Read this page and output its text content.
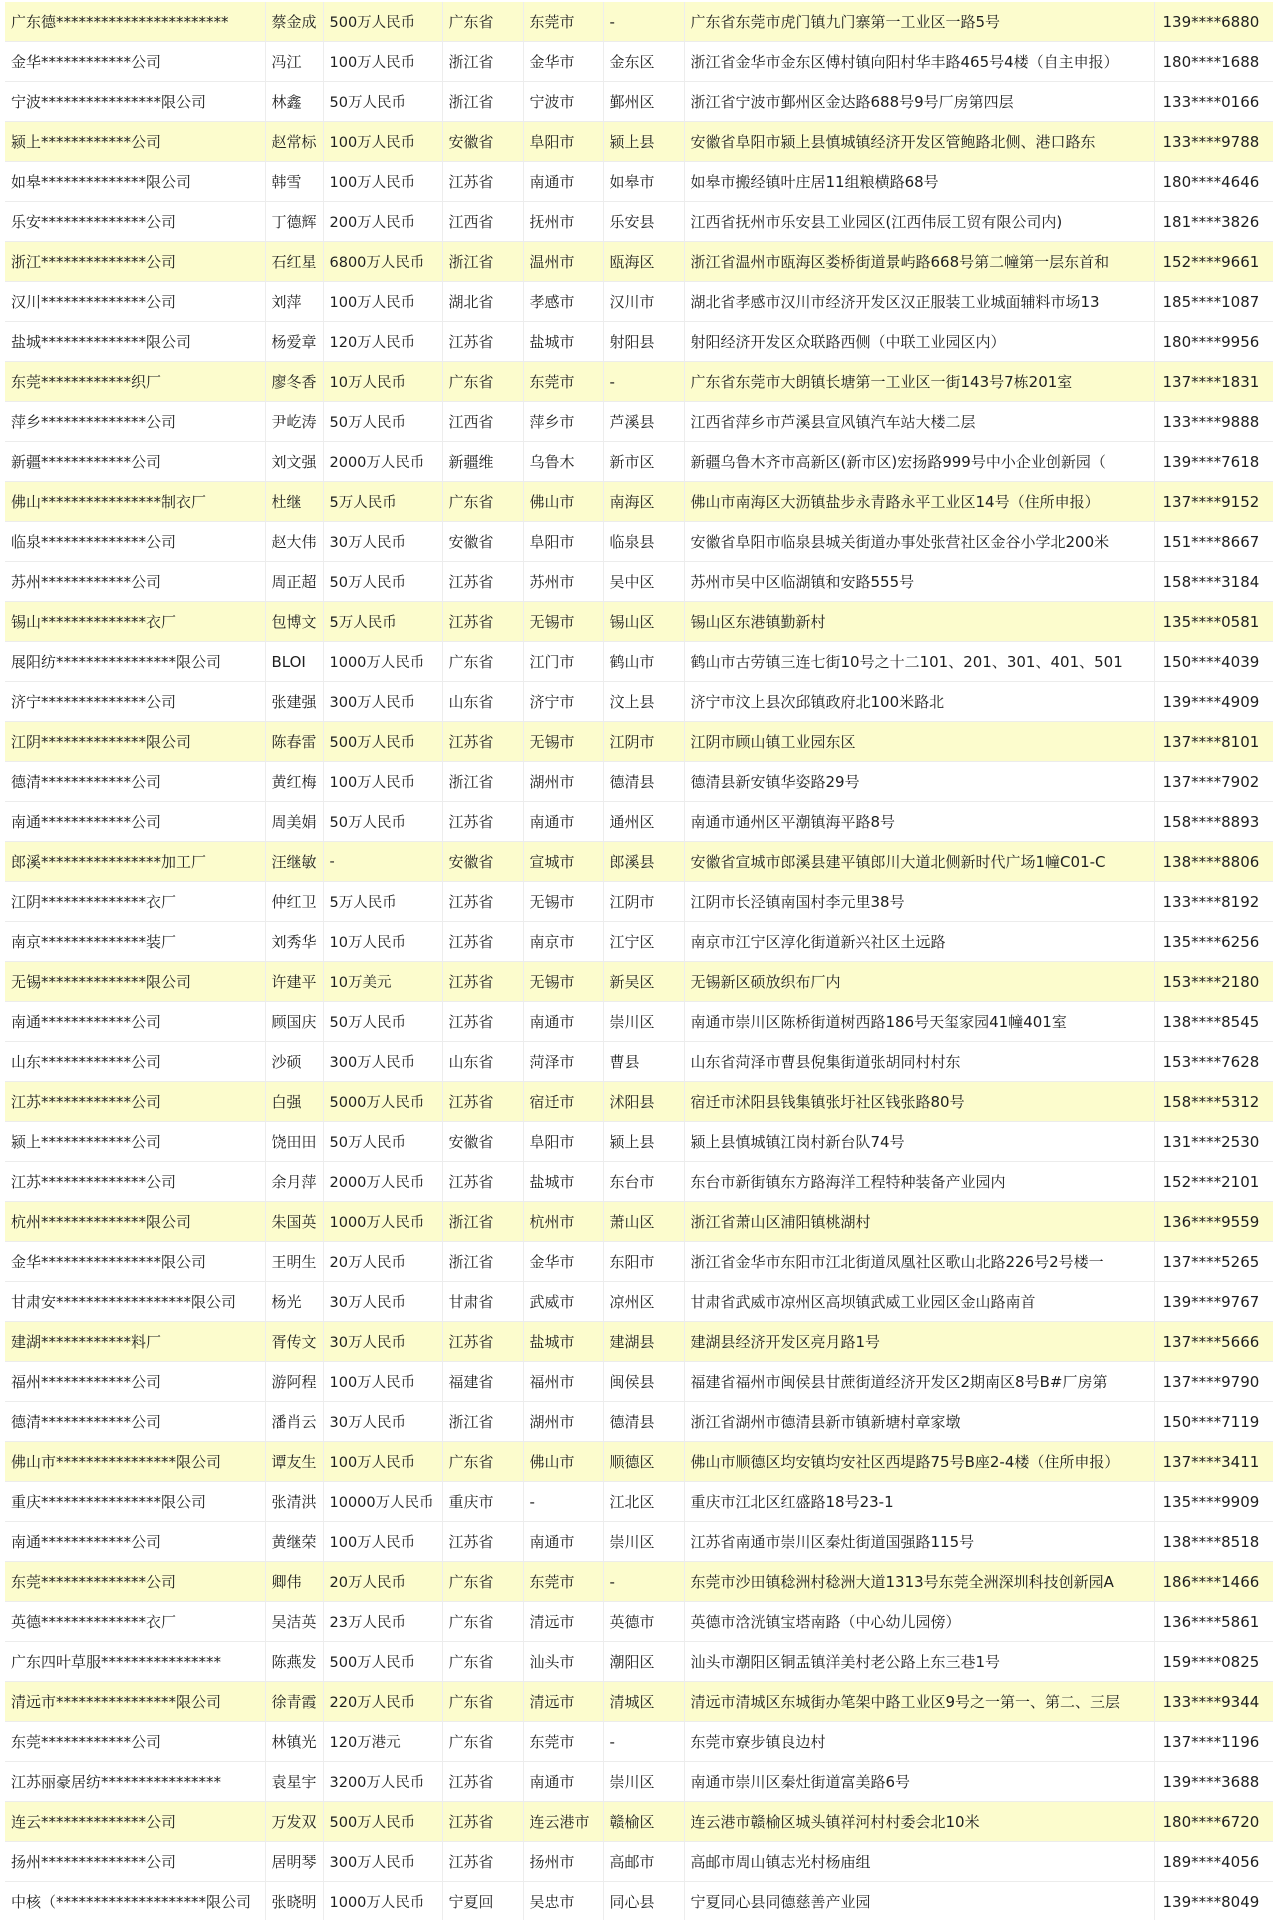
广东德***********************	蔡金成	500万人民币	广东省	东莞市	-	广东省东莞市虎门镇九门寨第一工业区一路5号	139****6880
金华************公司	冯江	100万人民币	浙江省	金华市	金东区	浙江省金华市金东区傅村镇向阳村华丰路465号4楼（自主申报）	180****1688
宁波****************限公司	林鑫	50万人民币	浙江省	宁波市	鄞州区	浙江省宁波市鄞州区金达路688号9号厂房第四层	133****0166
颍上************公司	赵常标	100万人民币	安徽省	阜阳市	颍上县	安徽省阜阳市颍上县慎城镇经济开发区管鲍路北侧、港口路东	133****9788
如皋**************限公司	韩雪	100万人民币	江苏省	南通市	如皋市	如皋市搬经镇叶庄居11组粮横路68号	180****4646
乐安**************公司	丁德辉	200万人民币	江西省	抚州市	乐安县	江西省抚州市乐安县工业园区(江西伟辰工贸有限公司内)	181****3826
浙江**************公司	石红星	6800万人民币	浙江省	温州市	瓯海区	浙江省温州市瓯海区娄桥街道景屿路668号第二幢第一层东首和	152****9661
汉川**************公司	刘萍	100万人民币	湖北省	孝感市	汉川市	湖北省孝感市汉川市经济开发区汉正服装工业城面辅料市场13	185****1087
盐城**************限公司	杨爱章	120万人民币	江苏省	盐城市	射阳县	射阳经济开发区众联路西侧（中联工业园区内）	180****9956
东莞************织厂	廖冬香	10万人民币	广东省	东莞市	-	广东省东莞市大朗镇长塘第一工业区一街143号7栋201室	137****1831
萍乡**************公司	尹屹涛	50万人民币	江西省	萍乡市	芦溪县	江西省萍乡市芦溪县宣风镇汽车站大楼二层	133****9888
新疆************公司	刘文强	2000万人民币	新疆维	乌鲁木	新市区	新疆乌鲁木齐市高新区(新市区)宏扬路999号中小企业创新园（	139****7618
佛山****************制衣厂	杜继	5万人民币	广东省	佛山市	南海区	佛山市南海区大沥镇盐步永青路永平工业区14号（住所申报）	137****9152
临泉**************公司	赵大伟	30万人民币	安徽省	阜阳市	临泉县	安徽省阜阳市临泉县城关街道办事处张营社区金谷小学北200米	151****8667
苏州************公司	周正超	50万人民币	江苏省	苏州市	吴中区	苏州市吴中区临湖镇和安路555号	158****3184
锡山**************衣厂	包博文	5万人民币	江苏省	无锡市	锡山区	锡山区东港镇勤新村	135****0581
展阳纺****************限公司	BLOI	1000万人民币	广东省	江门市	鹤山市	鹤山市古劳镇三连七街10号之十二101、201、301、401、501	150****4039
济宁**************公司	张建强	300万人民币	山东省	济宁市	汶上县	济宁市汶上县次邱镇政府北100米路北	139****4909
江阴**************限公司	陈春雷	500万人民币	江苏省	无锡市	江阴市	江阴市顾山镇工业园东区	137****8101
德清************公司	黄红梅	100万人民币	浙江省	湖州市	德清县	德清县新安镇华姿路29号	137****7902
南通************公司	周美娟	50万人民币	江苏省	南通市	通州区	南通市通州区平潮镇海平路8号	158****8893
郎溪****************加工厂	汪继敏	-	安徽省	宣城市	郎溪县	安徽省宣城市郎溪县建平镇郎川大道北侧新时代广场1幢C01-C	138****8806
江阴**************衣厂	仲红卫	5万人民币	江苏省	无锡市	江阴市	江阴市长泾镇南国村李元里38号	133****8192
南京**************装厂	刘秀华	10万人民币	江苏省	南京市	江宁区	南京市江宁区淳化街道新兴社区土远路	135****6256
无锡**************限公司	许建平	10万美元	江苏省	无锡市	新吴区	无锡新区硕放织布厂内	153****2180
南通************公司	顾国庆	50万人民币	江苏省	南通市	崇川区	南通市崇川区陈桥街道树西路186号天玺家园41幢401室	138****8545
山东************公司	沙硕	300万人民币	山东省	菏泽市	曹县	山东省菏泽市曹县倪集街道张胡同村村东	153****7628
江苏************公司	白强	5000万人民币	江苏省	宿迁市	沭阳县	宿迁市沭阳县钱集镇张圩社区钱张路80号	158****5312
颍上************公司	饶田田	50万人民币	安徽省	阜阳市	颍上县	颍上县慎城镇江岗村新台队74号	131****2530
江苏**************公司	余月萍	2000万人民币	江苏省	盐城市	东台市	东台市新街镇东方路海洋工程特种装备产业园内	152****2101
杭州**************限公司	朱国英	1000万人民币	浙江省	杭州市	萧山区	浙江省萧山区浦阳镇桃湖村	136****9559
金华****************限公司	王明生	20万人民币	浙江省	金华市	东阳市	浙江省金华市东阳市江北街道凤凰社区歌山北路226号2号楼一	137****5265
甘肃安******************限公司	杨光	30万人民币	甘肃省	武威市	凉州区	甘肃省武威市凉州区高坝镇武威工业园区金山路南首	139****9767
建湖************料厂	胥传文	30万人民币	江苏省	盐城市	建湖县	建湖县经济开发区亮月路1号	137****5666
福州************公司	游阿程	100万人民币	福建省	福州市	闽侯县	福建省福州市闽侯县甘蔗街道经济开发区2期南区8号B#厂房第	137****9790
德清************公司	潘肖云	30万人民币	浙江省	湖州市	德清县	浙江省湖州市德清县新市镇新塘村章家墩	150****7119
佛山市****************限公司	谭友生	100万人民币	广东省	佛山市	顺德区	佛山市顺德区均安镇均安社区西堤路75号B座2-4楼（住所申报）	137****3411
重庆****************限公司	张清洪	10000万人民币	重庆市	-	江北区	重庆市江北区红盛路18号23-1	135****9909
南通************公司	黄继荣	100万人民币	江苏省	南通市	崇川区	江苏省南通市崇川区秦灶街道国强路115号	138****8518
东莞**************公司	卿伟	20万人民币	广东省	东莞市	-	东莞市沙田镇稔洲村稔洲大道1313号东莞全洲深圳科技创新园A	186****1466
英德**************衣厂	吴洁英	23万人民币	广东省	清远市	英德市	英德市浛洸镇宝塔南路（中心幼儿园傍）	136****5861
广东四叶草服****************	陈燕发	500万人民币	广东省	汕头市	潮阳区	汕头市潮阳区铜盂镇洋美村老公路上东三巷1号	159****0825
清远市****************限公司	徐青霞	220万人民币	广东省	清远市	清城区	清远市清城区东城街办笔架中路工业区9号之一第一、第二、三层	133****9344
东莞************公司	林镇光	120万港元	广东省	东莞市	-	东莞市寮步镇良边村	137****1196
江苏丽豪居纺****************	袁星宇	3200万人民币	江苏省	南通市	崇川区	南通市崇川区秦灶街道富美路6号	139****3688
连云**************公司	万发双	500万人民币	江苏省	连云港市	赣榆区	连云港市赣榆区城头镇祥河村村委会北10米	180****6720
扬州**************公司	居明琴	300万人民币	江苏省	扬州市	高邮市	高邮市周山镇志光村杨庙组	189****4056
中核（********************限公司	张晓明	1000万人民币	宁夏回	吴忠市	同心县	宁夏同心县同德慈善产业园	139****8049
